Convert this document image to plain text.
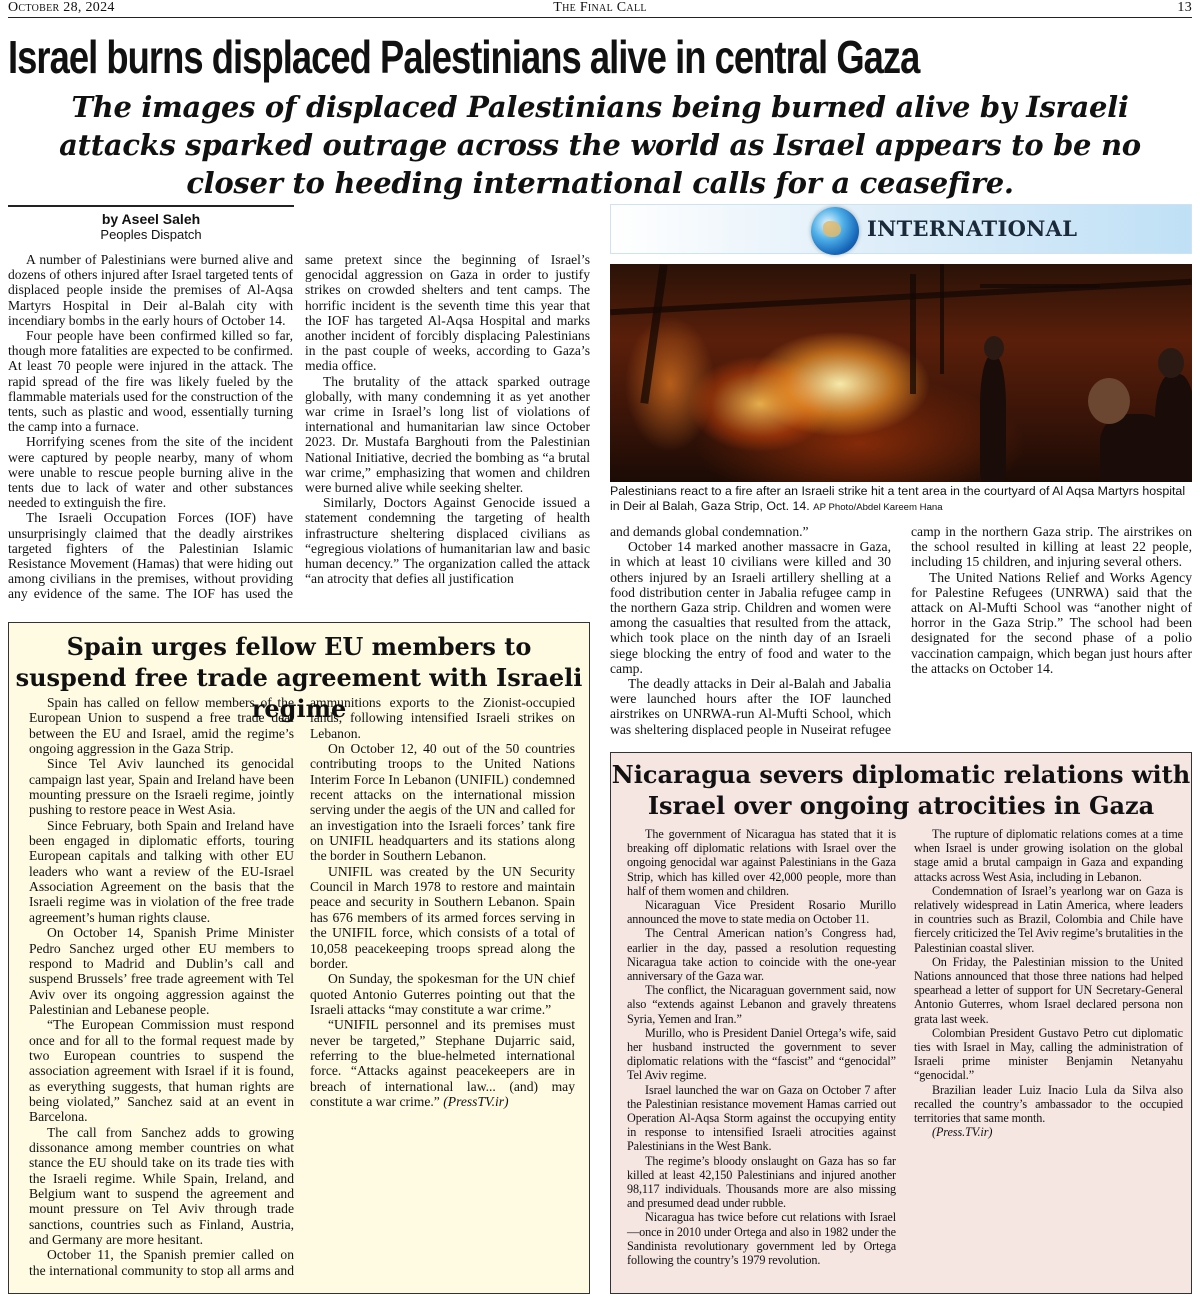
October 28, 2024	The Final Call	13
Israel burns displaced Palestinians alive in central Gaza
The images of displaced Palestinians being burned alive by Israeli attacks sparked outrage across the world as Israel appears to be no closer to heeding international calls for a ceasefire.
by Aseel Saleh
Peoples Dispatch

A number of Palestinians were burned alive and dozens of others injured after Israel targeted tents of displaced people inside the premises of Al-Aqsa Martyrs Hospital in Deir al-Balah city with incendiary bombs in the early hours of October 14.

Four people have been confirmed killed so far, though more fatalities are expected to be confirmed. At least 70 people were injured in the attack. The rapid spread of the fire was likely fueled by the flammable materials used for the construction of the tents, such as plastic and wood, essentially turning the camp into a furnace.

Horrifying scenes from the site of the incident were captured by people nearby, many of whom were unable to rescue people burning alive in the tents due to lack of water and other substances needed to extinguish the fire.

The Israeli Occupation Forces (IOF) have unsurprisingly claimed that the deadly airstrikes targeted fighters of the Palestinian Islamic Resistance Movement (Hamas) that were hiding out among civilians in the premises, without providing any evidence of the same. The IOF has used the same pretext since the beginning of Israel’s genocidal aggression on Gaza in order to justify strikes on crowded shelters and tent camps. The horrific incident is the seventh time this year that the IOF has targeted Al-Aqsa Hospital and marks another incident of forcibly displacing Palestinians in the past couple of weeks, according to Gaza’s media office.

The brutality of the attack sparked outrage globally, with many condemning it as yet another war crime in Israel’s long list of violations of international and humanitarian law since October 2023. Dr. Mustafa Barghouti from the Palestinian National Initiative, decried the bombing as “a brutal war crime,” emphasizing that women and children were burned alive while seeking shelter.

Similarly, Doctors Against Genocide issued a statement condemning the targeting of health infrastructure sheltering displaced civilians as “egregious violations of humanitarian law and basic human decency.” The organization called the attack “an atrocity that defies all justification

INTERNATIONAL
Palestinians react to a fire after an Israeli strike hit a tent area in the courtyard of Al Aqsa Martyrs hospital in Deir al Balah, Gaza Strip, Oct. 14. AP Photo/Abdel Kareem Hana

and demands global condemnation.”

October 14 marked another massacre in Gaza, in which at least 10 civilians were killed and 30 others injured by an Israeli artillery shelling at a food distribution center in Jabalia refugee camp in the northern Gaza strip. Children and women were among the casualties that resulted from the attack, which took place on the ninth day of an Israeli siege blocking the entry of food and water to the camp.

The deadly attacks in Deir al-Balah and Jabalia were launched hours after the IOF launched airstrikes on UNRWA-run Al-Mufti School, which was sheltering displaced people in Nuseirat refugee camp in the northern Gaza strip. The airstrikes on the school resulted in killing at least 22 people, including 15 children, and injuring several others.

The United Nations Relief and Works Agency for Palestine Refugees (UNRWA) said that the attack on Al-Mufti School was “another night of horror in the Gaza Strip.” The school had been designated for the second phase of a polio vaccination campaign, which began just hours after the attacks on October 14.

Spain urges fellow EU members to suspend free trade agreement with Israeli regime

Spain has called on fellow members of the European Union to suspend a free trade deal between the EU and Israel, amid the regime’s ongoing aggression in the Gaza Strip.

Since Tel Aviv launched its genocidal campaign last year, Spain and Ireland have been mounting pressure on the Israeli regime, jointly pushing to restore peace in West Asia.

Since February, both Spain and Ireland have been engaged in diplomatic efforts, touring European capitals and talking with other EU leaders who want a review of the EU-Israel Association Agreement on the basis that the Israeli regime was in violation of the free trade agreement’s human rights clause.

On October 14, Spanish Prime Minister Pedro Sanchez urged other EU members to respond to Madrid and Dublin’s call and suspend Brussels’ free trade agreement with Tel Aviv over its ongoing aggression against the Palestinian and Lebanese people.

“The European Commission must respond once and for all to the formal request made by two European countries to suspend the association agreement with Israel if it is found, as everything suggests, that human rights are being violated,” Sanchez said at an event in Barcelona.

The call from Sanchez adds to growing dissonance among member countries on what stance the EU should take on its trade ties with the Israeli regime. While Spain, Ireland, and Belgium want to suspend the agreement and mount pressure on Tel Aviv through trade sanctions, countries such as Finland, Austria, and Germany are more hesitant.

October 11, the Spanish premier called on the international community to stop all arms and ammunitions exports to the Zionist-occupied lands, following intensified Israeli strikes on Lebanon.

On October 12, 40 out of the 50 countries contributing troops to the United Nations Interim Force In Lebanon (UNIFIL) condemned recent attacks on the international mission serving under the aegis of the UN and called for an investigation into the Israeli forces’ tank fire on UNIFIL headquarters and its stations along the border in Southern Lebanon.

UNIFIL was created by the UN Security Council in March 1978 to restore and maintain peace and security in Southern Lebanon. Spain has 676 members of its armed forces serving in the UNIFIL force, which consists of a total of 10,058 peacekeeping troops spread along the border.

On Sunday, the spokesman for the UN chief quoted Antonio Guterres pointing out that the Israeli attacks “may constitute a war crime.”

“UNIFIL personnel and its premises must never be targeted,” Stephane Dujarric said, referring to the blue-helmeted international force. “Attacks against peacekeepers are in breach of international law... (and) may constitute a war crime.” (PressTV.ir)

Nicaragua severs diplomatic relations with Israel over ongoing atrocities in Gaza

The government of Nicaragua has stated that it is breaking off diplomatic relations with Israel over the ongoing genocidal war against Palestinians in the Gaza Strip, which has killed over 42,000 people, more than half of them women and children.

Nicaraguan Vice President Rosario Murillo announced the move to state media on October 11.

The Central American nation’s Congress had, earlier in the day, passed a resolution requesting Nicaragua take action to coincide with the one-year anniversary of the Gaza war.

The conflict, the Nicaraguan government said, now also “extends against Lebanon and gravely threatens Syria, Yemen and Iran.”

Murillo, who is President Daniel Ortega’s wife, said her husband instructed the government to sever diplomatic relations with the “fascist” and “genocidal” Tel Aviv regime.

Israel launched the war on Gaza on October 7 after the Palestinian resistance movement Hamas carried out Operation Al-Aqsa Storm against the occupying entity in response to intensified Israeli atrocities against Palestinians in the West Bank.

The regime’s bloody onslaught on Gaza has so far killed at least 42,150 Palestinians and injured another 98,117 individuals. Thousands more are also missing and presumed dead under rubble.

Nicaragua has twice before cut relations with Israel—once in 2010 under Ortega and also in 1982 under the Sandinista revolutionary government led by Ortega following the country’s 1979 revolution.

The rupture of diplomatic relations comes at a time when Israel is under growing isolation on the global stage amid a brutal campaign in Gaza and expanding attacks across West Asia, including in Lebanon.

Condemnation of Israel’s yearlong war on Gaza is relatively widespread in Latin America, where leaders in countries such as Brazil, Colombia and Chile have fiercely criticized the Tel Aviv regime’s brutalities in the Palestinian coastal sliver.

On Friday, the Palestinian mission to the United Nations announced that those three nations had helped spearhead a letter of support for UN Secretary-General Antonio Guterres, whom Israel declared persona non grata last week.

Colombian President Gustavo Petro cut diplomatic ties with Israel in May, calling the administration of Israeli prime minister Benjamin Netanyahu “genocidal.”

Brazilian leader Luiz Inacio Lula da Silva also recalled the country’s ambassador to the occupied territories that same month.

(Press.TV.ir)
